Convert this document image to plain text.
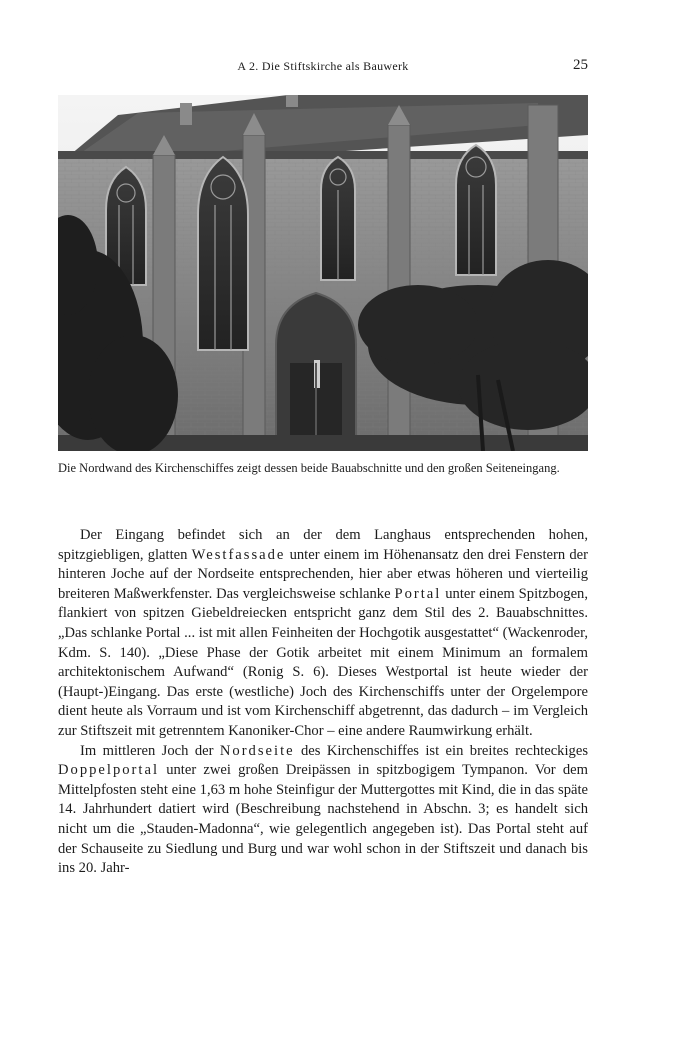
A 2. Die Stiftskirche als Bauwerk	25
Die Nordwand des Kirchenschiffes zeigt dessen beide Bauabschnitte und den großen Seiteneingang.

Der Eingang befindet sich an der dem Langhaus entsprechenden hohen, spitzgiebligen, glatten Westfassade unter einem im Höhenansatz den drei Fenstern der hinteren Joche auf der Nordseite entsprechenden, hier aber etwas höheren und vierteilig breiteren Maßwerkfenster. Das vergleichsweise schlanke Portal unter einem Spitzbogen, flankiert von spitzen Giebeldreiecken entspricht ganz dem Stil des 2. Bauabschnittes. „Das schlanke Portal ... ist mit allen Feinheiten der Hochgotik ausgestattet“ (Wackenroder, Kdm. S. 140). „Diese Phase der Gotik arbeitet mit einem Minimum an formalem architektonischem Aufwand“ (Ronig S. 6). Dieses Westportal ist heute wieder der (Haupt-)Eingang. Das erste (westliche) Joch des Kirchenschiffs unter der Orgelempore dient heute als Vorraum und ist vom Kirchenschiff abgetrennt, das dadurch – im Vergleich zur Stiftszeit mit getrenntem Kanoniker-Chor – eine andere Raumwirkung erhält.

Im mittleren Joch der Nordseite des Kirchenschiffes ist ein breites rechteckiges Doppelportal unter zwei großen Dreipässen in spitzbogigem Tympanon. Vor dem Mittelpfosten steht eine 1,63 m hohe Steinfigur der Muttergottes mit Kind, die in das späte 14. Jahrhundert datiert wird (Beschreibung nachstehend in Abschn. 3; es handelt sich nicht um die „Stauden-Madonna“, wie gelegentlich angegeben ist). Das Portal steht auf der Schauseite zu Siedlung und Burg und war wohl schon in der Stiftszeit und danach bis ins 20. Jahr-
